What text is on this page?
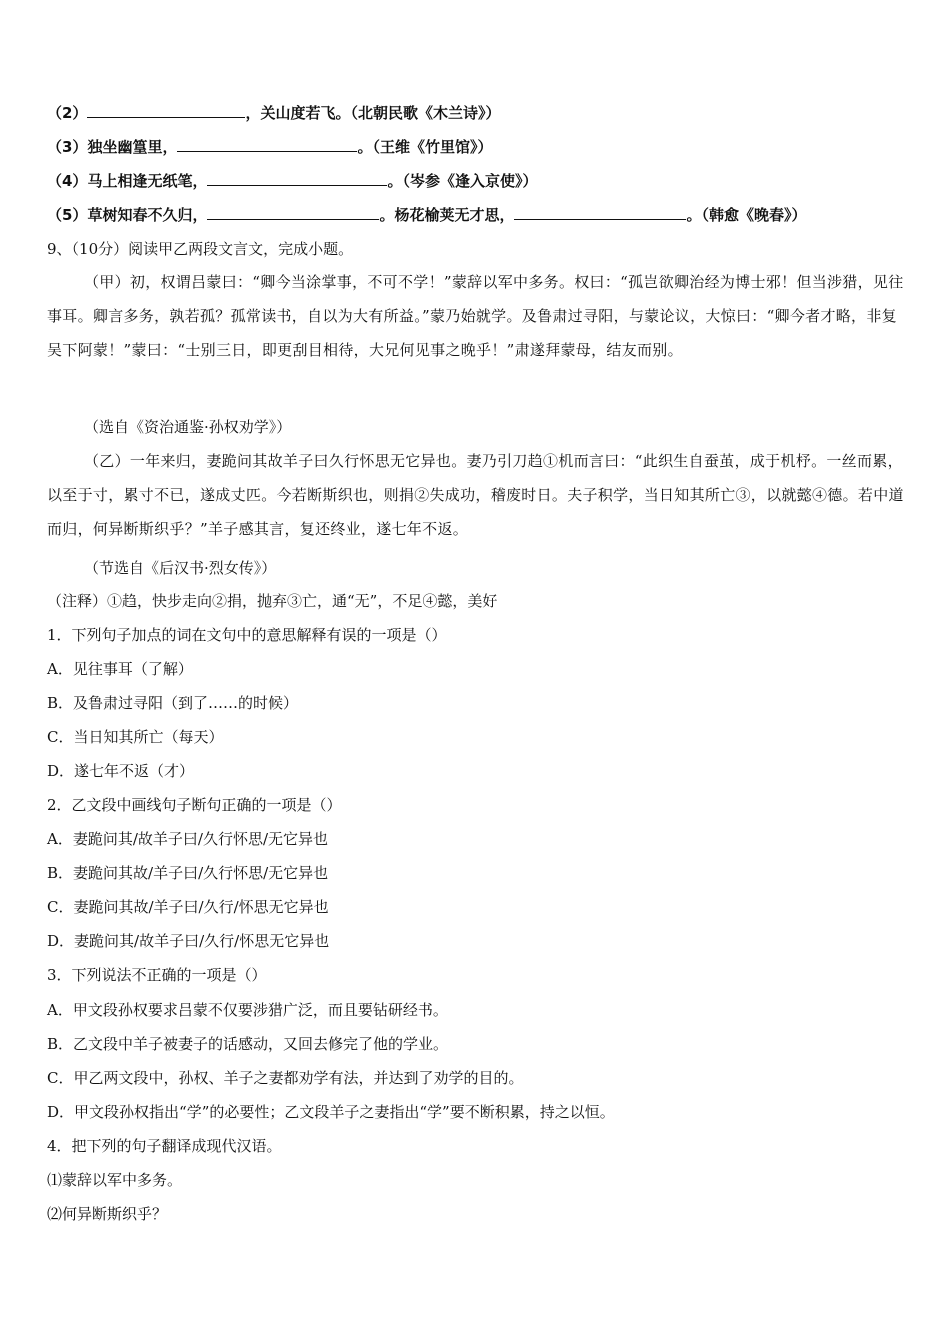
（2）	，关山度若飞。（北朝民歌《木兰诗》）
（3）独坐幽篁里，	。（王维《竹里馆》）
（4）马上相逢无纸笔，	。（岑参《逢入京使》）
（5）草树知春不久归，	。杨花榆荚无才思，	。（韩愈《晚春》）
9、（10分）阅读甲乙两段文言文，完成小题。

（甲）初，权谓吕蒙曰：“卿今当涂掌事，不可不学！”蒙辞以军中多务。权曰：“孤岂欲卿治经为博士邪！但当涉猎，见往事耳。卿言多务，孰若孤？孤常读书，自以为大有所益。”蒙乃始就学。及鲁肃过寻阳，与蒙论议，大惊曰：“卿今者才略，非复吴下阿蒙！”蒙曰：“士别三日，即更刮目相待，大兄何见事之晚乎！”肃遂拜蒙母，结友而别。

（选自《资治通鉴·孙权劝学》）

（乙）一年来归，妻跪问其故羊子曰久行怀思无它异也。妻乃引刀趋①机而言曰：“此织生自蚕茧，成于机杼。一丝而累，以至于寸，累寸不已，遂成丈匹。今若断斯织也，则捐②失成功，稽废时日。夫子积学，当日知其所亡③，以就懿④德。若中道而归，何异断斯织乎？”羊子感其言，复还终业，遂七年不返。

（节选自《后汉书·烈女传》）
（注释）①趋，快步走向②捐，抛弃③亡，通“无”，不足④懿，美好
1．下列句子加点的词在文句中的意思解释有误的一项是（）
A．见往事耳（了解）
B．及鲁肃过寻阳（到了……的时候）
C．当日知其所亡（每天）
D．遂七年不返（才）
2．乙文段中画线句子断句正确的一项是（）
A．妻跪问其/故羊子曰/久行怀思/无它异也
B．妻跪问其故/羊子曰/久行怀思/无它异也
C．妻跪问其故/羊子曰/久行/怀思无它异也
D．妻跪问其/故羊子曰/久行/怀思无它异也
3．下列说法不正确的一项是（）
A．甲文段孙权要求吕蒙不仅要涉猎广泛，而且要钻研经书。
B．乙文段中羊子被妻子的话感动，又回去修完了他的学业。
C．甲乙两文段中，孙权、羊子之妻都劝学有法，并达到了劝学的目的。
D．甲文段孙权指出“学”的必要性；乙文段羊子之妻指出“学”要不断积累，持之以恒。
4．把下列的句子翻译成现代汉语。
⑴蒙辞以军中多务。
⑵何异断斯织乎？
